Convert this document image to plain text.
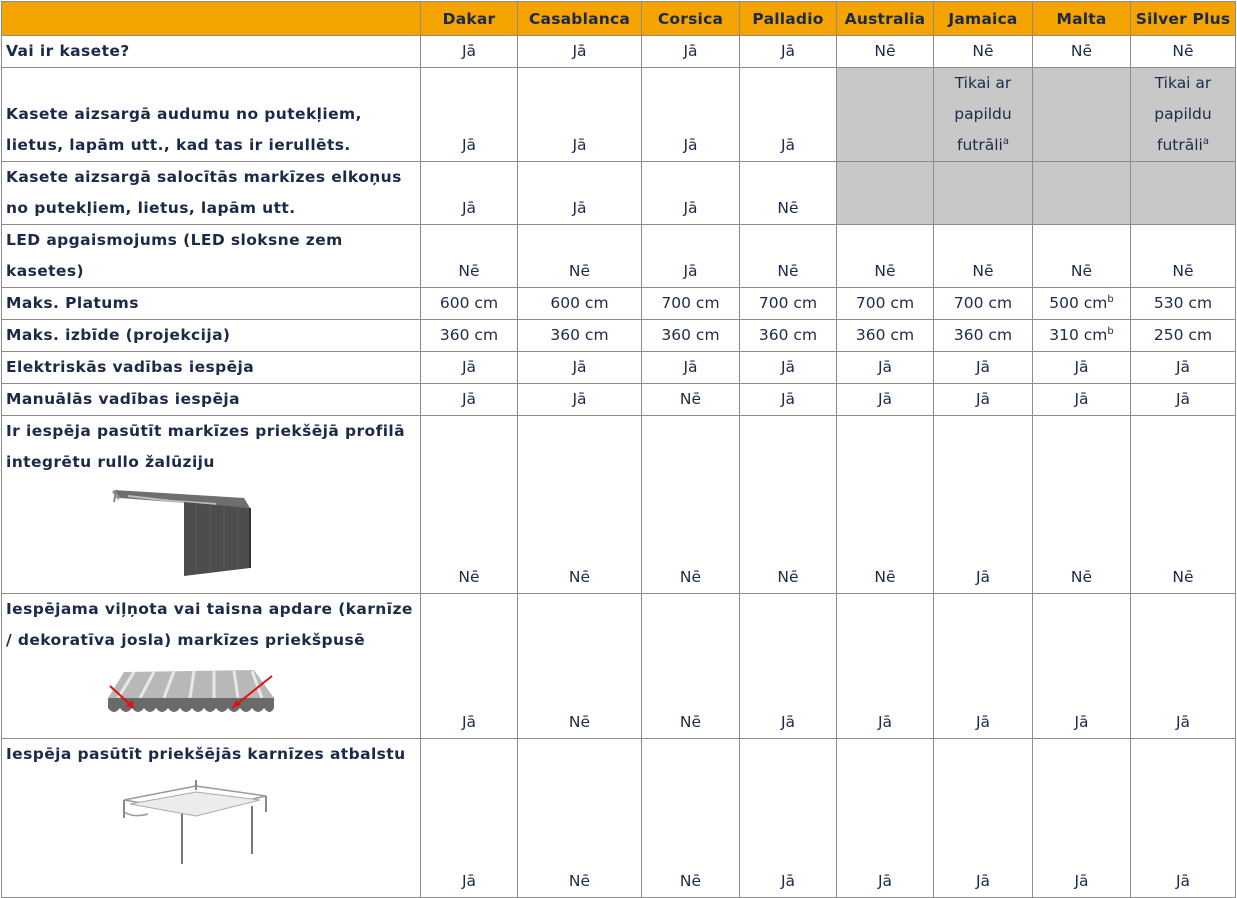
	Dakar	Casablanca	Corsica	Palladio	Australia	Jamaica	Malta	Silver Plus
Vai ir kasete?	Jā	Jā	Jā	Jā	Nē	Nē	Nē	Nē
Kasete aizsargā audumu no putekļiem, lietus, lapām utt., kad tas ir ierullēts.	Jā	Jā	Jā	Jā		Tikai ar papildu futrāli$^a$		Tikai ar papildu futrāli$^a$
Kasete aizsargā salocītās markīzes elkoņus no putekļiem, lietus, lapām utt.	Jā	Jā	Jā	Nē				
LED apgaismojums (LED sloksne zem kasetes)	Nē	Nē	Jā	Nē	Nē	Nē	Nē	Nē
Maks. Platums	600 cm	600 cm	700 cm	700 cm	700 cm	700 cm	500 $cm^b$	530 cm
Maks. izbīde (projekcija)	360 cm	360 cm	360 cm	360 cm	360 cm	360 cm	310 $cm^b$	250 cm
Elektriskās vadības iespēja	Jā	Jā	Jā	Jā	Jā	Jā	Jā	Jā
Manuālās vadības iespēja	Jā	Jā	Nē	Jā	Jā	Jā	Jā	Jā

Ir iespēja pasūtīt markīzes priekšējā profilā integrētu rullo žalūziju	Nē	Nē	Nē	Nē	Nē	Jā	Nē	Nē

Iespējama viļņota vai taisna apdare (karnīze / dekoratīva josla) markīzes priekšpusē	Jā	Nē	Nē	Jā	Jā	Jā	Jā	Jā

Iespēja pasūtīt priekšējās karnīzes atbalstu	Jā	Nē	Nē	Jā	Jā	Jā	Jā	Jā
